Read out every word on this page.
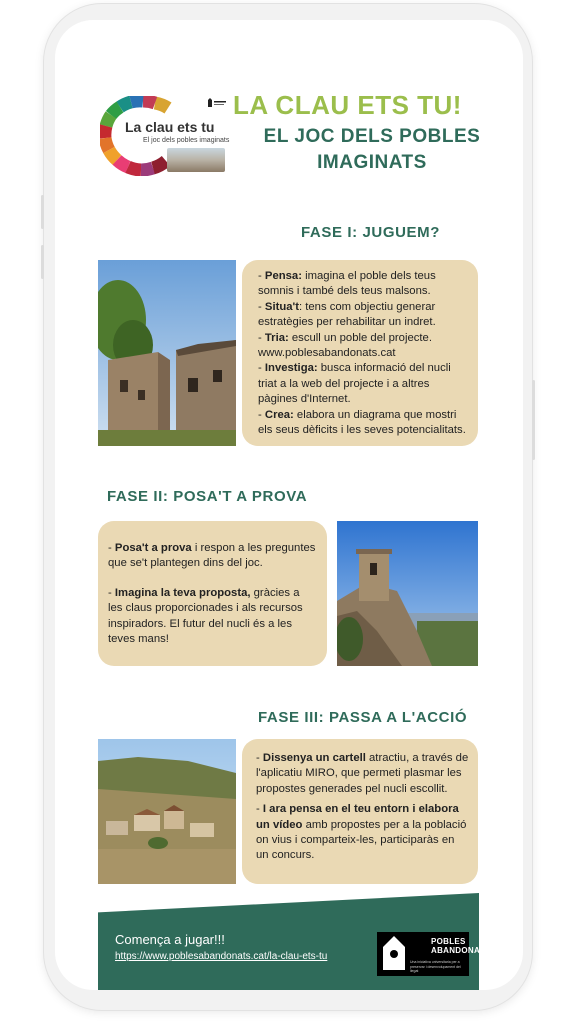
La clau ets tu
El joc dels pobles imaginats
LA CLAU ETS TU!
EL JOC DELS POBLES IMAGINATS
FASE I: JUGUEM?

- Pensa: imagina el poble dels teus somnis i també dels teus malsons.

- Situa't: tens com objectiu generar estratègies per rehabilitar un indret.

- Tria: escull un poble del projecte. www.poblesabandonats.cat

- Investiga: busca informació del nucli triat a la web del projecte i a altres pàgines d'Internet.

- Crea: elabora un diagrama que mostri els seus dèficits i les seves potencialitats.

FASE II: POSA'T A PROVA

- Posa't a prova i respon a les preguntes que se't plantegen dins del joc.

- Imagina la teva proposta, gràcies a les claus proporcionades i als recursos inspiradors. El futur del nucli és a les teves mans!

FASE III: PASSA A L'ACCIÓ

- Dissenya un cartell atractiu, a través de l'aplicatiu MIRO, que permeti plasmar les propostes generades pel nucli escollit.

- I ara pensa en el teu entorn i elabora un vídeo amb propostes per a la població on vius i comparteix-les, participaràs en un concurs.

Comença a jugar!!!
https://www.poblesabandonats.cat/la-clau-ets-tu
POBLES
ABANDONATS
Una iniciativa universitaria per a preservar i desenvolupament del llegat
